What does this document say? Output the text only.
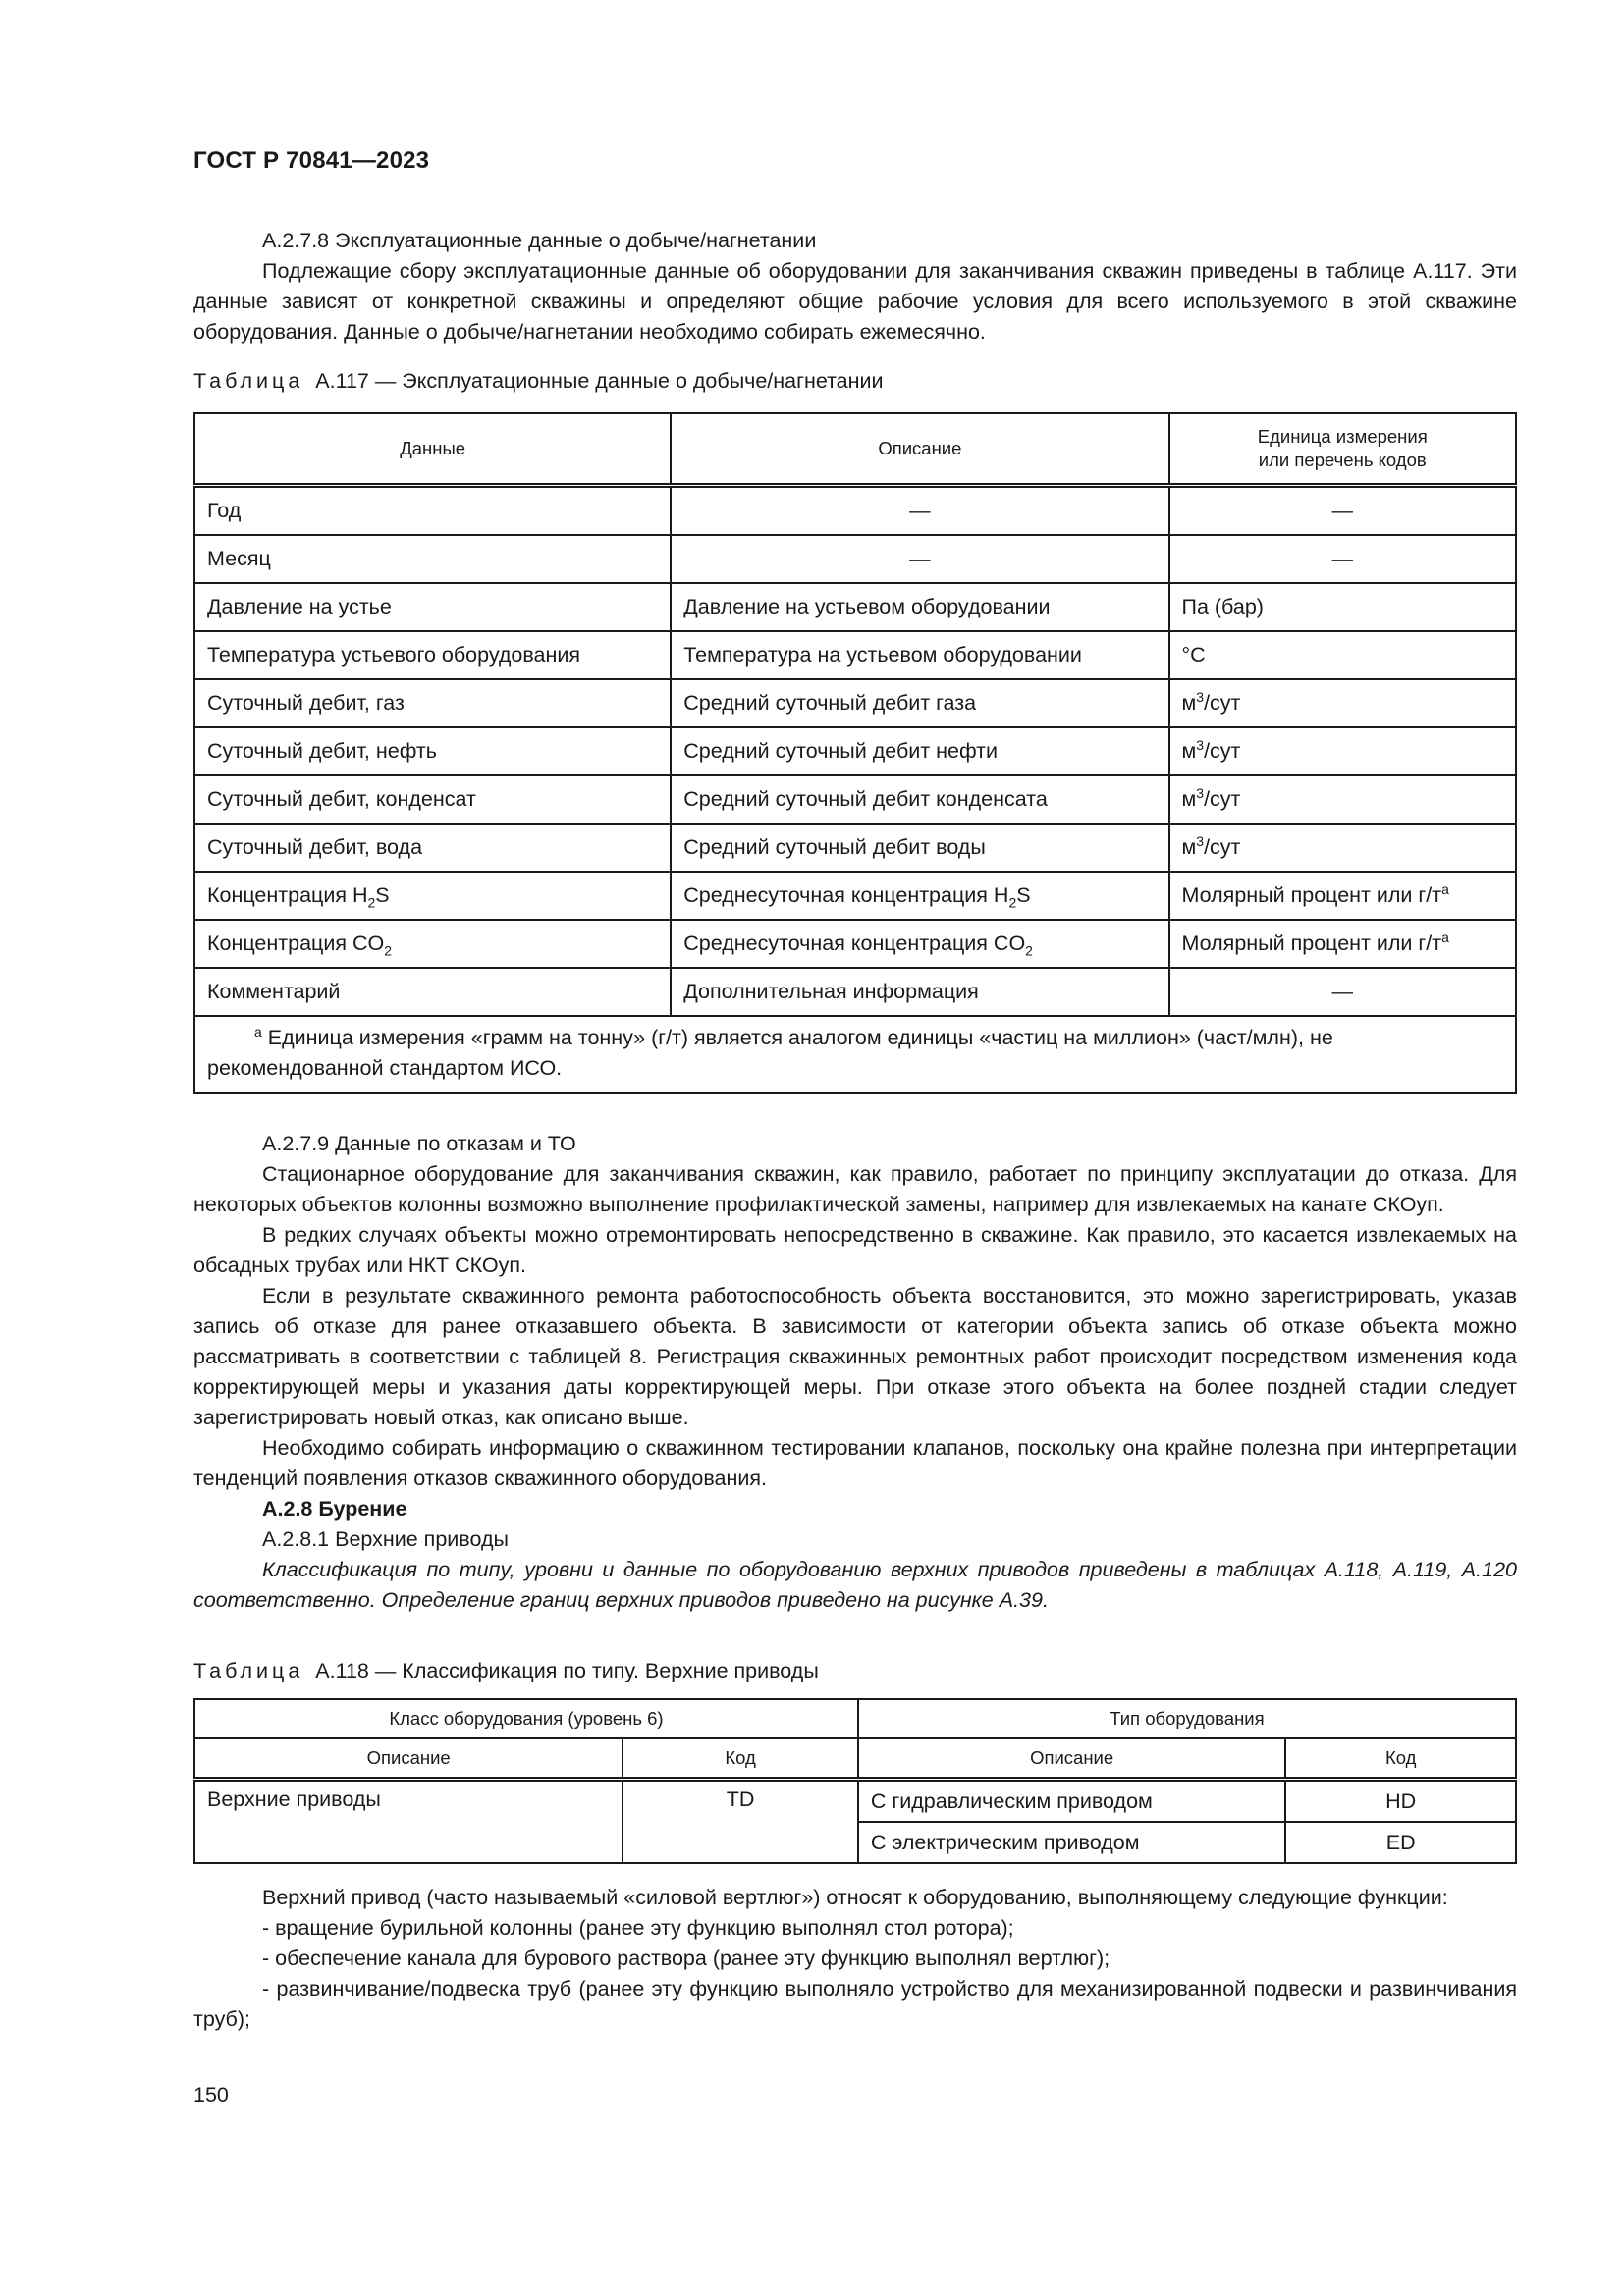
ГОСТ Р 70841—2023

А.2.7.8 Эксплуатационные данные о добыче/нагнетании

Подлежащие сбору эксплуатационные данные об оборудовании для заканчивания скважин приведены в таблице А.117. Эти данные зависят от конкретной скважины и определяют общие рабочие условия для всего используемого в этой скважине оборудования. Данные о добыче/нагнетании необходимо собирать ежемесячно.

Таблица А.117 — Эксплуатационные данные о добыче/нагнетании

Данные	Описание	Единица измерения
или перечень кодов
Год	—	—
Месяц	—	—
Давление на устье	Давление на устьевом оборудовании	Па (бар)
Температура устьевого оборудования	Температура на устьевом оборудовании	°C
Суточный дебит, газ	Средний суточный дебит газа	$м^3$/сут
Суточный дебит, нефть	Средний суточный дебит нефти	$м^3$/сут
Суточный дебит, конденсат	Средний суточный дебит конденсата	$м^3$/сут
Суточный дебит, вода	Средний суточный дебит воды	$м^3$/сут
Концентрация $H_2S$	Среднесуточная концентрация $H_2S$	Молярный процент или $г/т^a$
Концентрация $CO_2$	Среднесуточная концентрация $CO_2$	Молярный процент или $г/т^a$
Комментарий	Дополнительная информация	—
$^a$ Единица измерения «грамм на тонну» (г/т) является аналогом единицы «частиц на миллион» (част/млн), не рекомендованной стандартом ИСО.		

А.2.7.9 Данные по отказам и ТО

Стационарное оборудование для заканчивания скважин, как правило, работает по принципу эксплуатации до отказа. Для некоторых объектов колонны возможно выполнение профилактической замены, например для извлекаемых на канате СКОуп.

В редких случаях объекты можно отремонтировать непосредственно в скважине. Как правило, это касается извлекаемых на обсадных трубах или НКТ СКОуп.

Если в результате скважинного ремонта работоспособность объекта восстановится, это можно зарегистрировать, указав запись об отказе для ранее отказавшего объекта. В зависимости от категории объекта запись об отказе объекта можно рассматривать в соответствии с таблицей 8. Регистрация скважинных ремонтных работ происходит посредством изменения кода корректирующей меры и указания даты корректирующей меры. При отказе этого объекта на более поздней стадии следует зарегистрировать новый отказ, как описано выше.

Необходимо собирать информацию о скважинном тестировании клапанов, поскольку она крайне полезна при интерпретации тенденций появления отказов скважинного оборудования.

А.2.8 Бурение

А.2.8.1 Верхние приводы

Классификация по типу, уровни и данные по оборудованию верхних приводов приведены в таблицах А.118, А.119, А.120 соответственно. Определение границ верхних приводов приведено на рисунке А.39.

Таблица А.118 — Классификация по типу. Верхние приводы

Класс оборудования (уровень 6)		Тип оборудования	
Описание	Код	Описание	Код
Верхние приводы	TD	С гидравлическим приводом	HD
		С электрическим приводом	ED

Верхний привод (часто называемый «силовой вертлюг») относят к оборудованию, выполняющему следующие функции:

- вращение бурильной колонны (ранее эту функцию выполнял стол ротора);

- обеспечение канала для бурового раствора (ранее эту функцию выполнял вертлюг);

- развинчивание/подвеска труб (ранее эту функцию выполняло устройство для механизированной подвески и развинчивания труб);

150
